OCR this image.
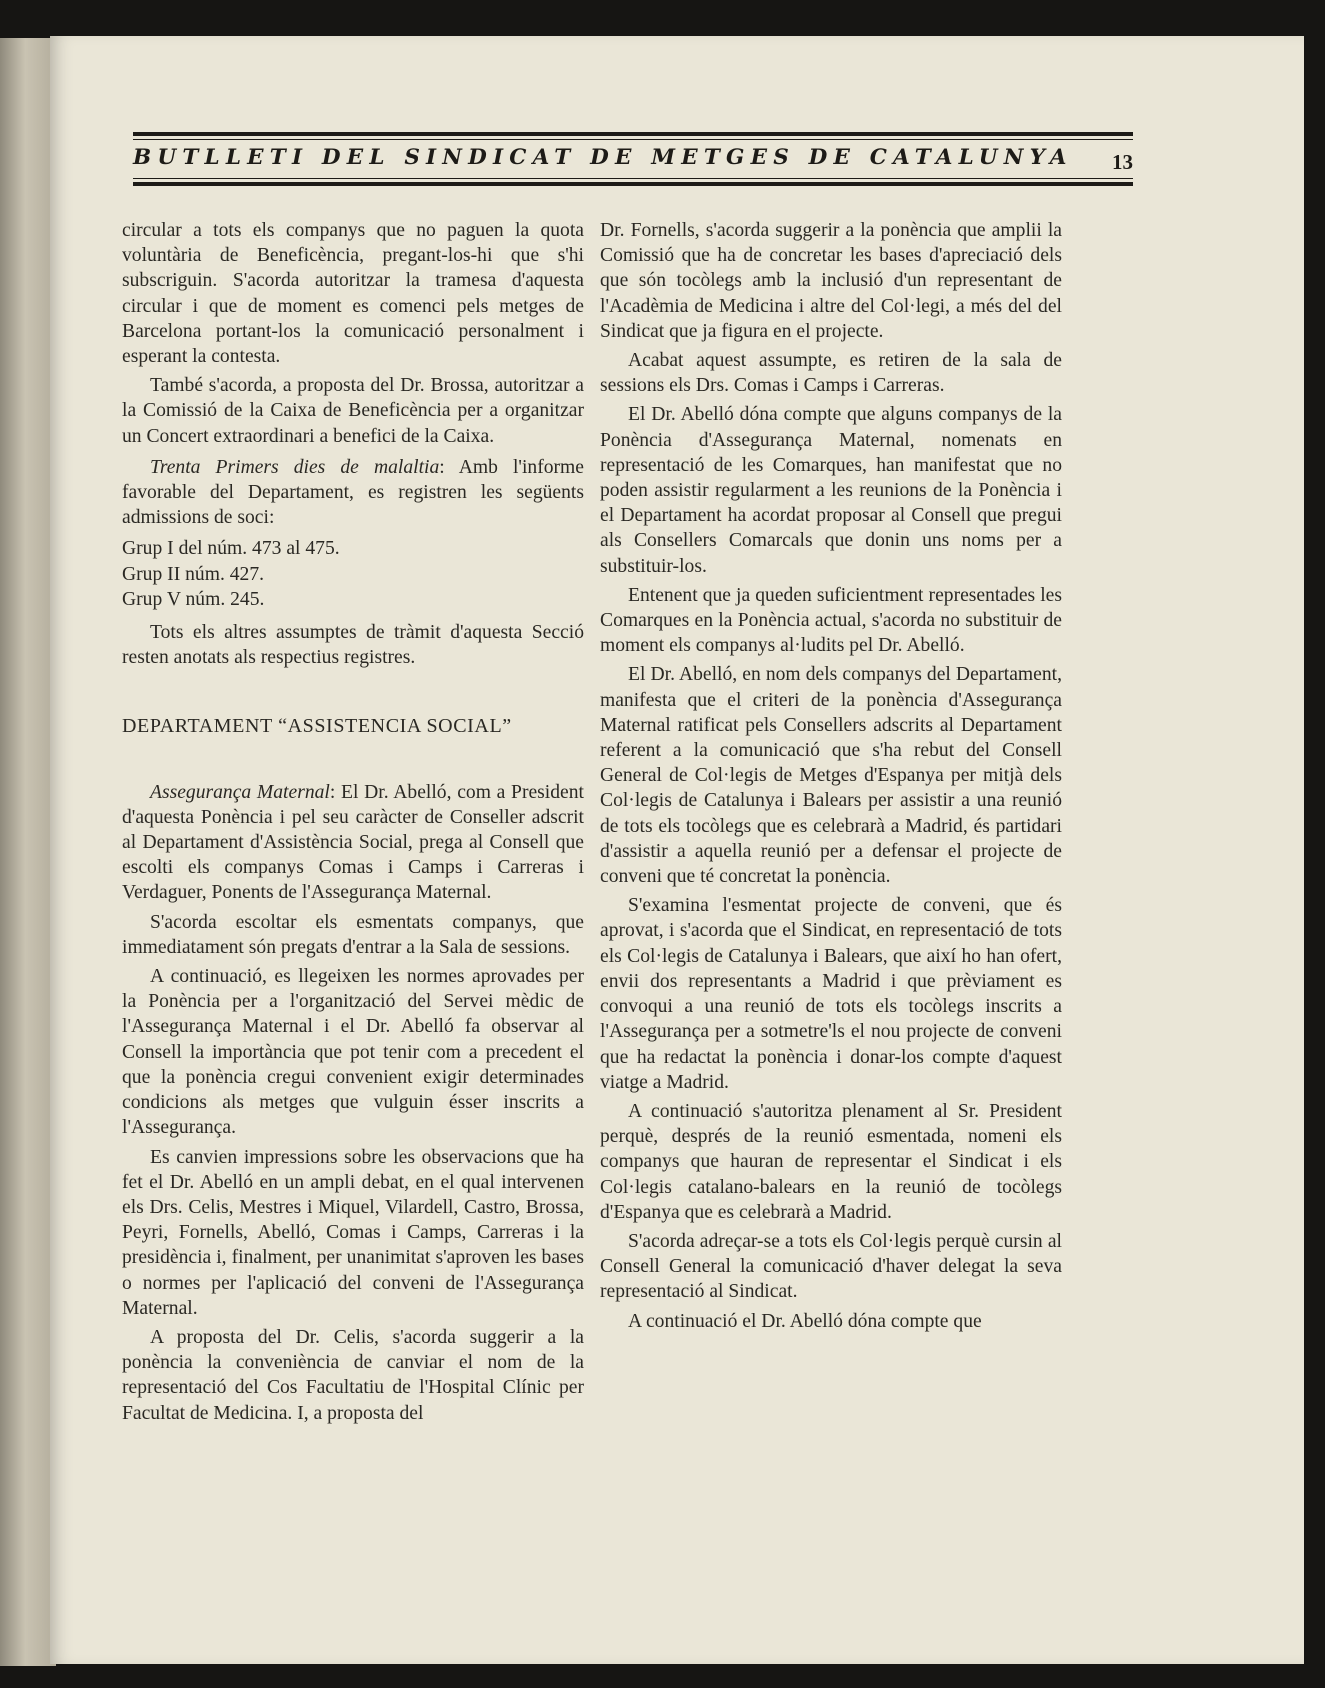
BUTLLETI DEL SINDICAT DE METGES DE CATALUNYA	13

circular a tots els companys que no paguen la quota voluntària de Beneficència, pregant-los-hi que s'hi subscriguin. S'acorda autoritzar la tramesa d'aquesta circular i que de moment es comenci pels metges de Barcelona portant-los la comunicació personalment i esperant la contesta.

També s'acorda, a proposta del Dr. Brossa, autoritzar a la Comissió de la Caixa de Beneficència per a organitzar un Concert extraordinari a benefici de la Caixa.

Trenta Primers dies de malaltia: Amb l'informe favorable del Departament, es registren les següents admissions de soci:

Grup I del núm. 473 al 475.

Grup II núm. 427.

Grup V núm. 245.

Tots els altres assumptes de tràmit d'aquesta Secció resten anotats als respectius registres.

DEPARTAMENT “ASSISTENCIA SOCIAL”

Assegurança Maternal: El Dr. Abelló, com a President d'aquesta Ponència i pel seu caràcter de Conseller adscrit al Departament d'Assistència Social, prega al Consell que escolti els companys Comas i Camps i Carreras i Verdaguer, Ponents de l'Assegurança Maternal.

S'acorda escoltar els esmentats companys, que immediatament són pregats d'entrar a la Sala de sessions.

A continuació, es llegeixen les normes aprovades per la Ponència per a l'organització del Servei mèdic de l'Assegurança Maternal i el Dr. Abelló fa observar al Consell la importància que pot tenir com a precedent el que la ponència cregui convenient exigir determinades condicions als metges que vulguin ésser inscrits a l'Assegurança.

Es canvien impressions sobre les observacions que ha fet el Dr. Abelló en un ampli debat, en el qual intervenen els Drs. Celis, Mestres i Miquel, Vilardell, Castro, Brossa, Peyri, Fornells, Abelló, Comas i Camps, Carreras i la presidència i, finalment, per unanimitat s'aproven les bases o normes per l'aplicació del conveni de l'Assegurança Maternal.

A proposta del Dr. Celis, s'acorda suggerir a la ponència la conveniència de canviar el nom de la representació del Cos Facultatiu de l'Hospital Clínic per Facultat de Medicina. I, a proposta del

Dr. Fornells, s'acorda suggerir a la ponència que amplii la Comissió que ha de concretar les bases d'apreciació dels que són tocòlegs amb la inclusió d'un representant de l'Acadèmia de Medicina i altre del Col·legi, a més del del Sindicat que ja figura en el projecte.

Acabat aquest assumpte, es retiren de la sala de sessions els Drs. Comas i Camps i Carreras.

El Dr. Abelló dóna compte que alguns companys de la Ponència d'Assegurança Maternal, nomenats en representació de les Comarques, han manifestat que no poden assistir regularment a les reunions de la Ponència i el Departament ha acordat proposar al Consell que pregui als Consellers Comarcals que donin uns noms per a substituir-los.

Entenent que ja queden suficientment representades les Comarques en la Ponència actual, s'acorda no substituir de moment els companys al·ludits pel Dr. Abelló.

El Dr. Abelló, en nom dels companys del Departament, manifesta que el criteri de la ponència d'Assegurança Maternal ratificat pels Consellers adscrits al Departament referent a la comunicació que s'ha rebut del Consell General de Col·legis de Metges d'Espanya per mitjà dels Col·legis de Catalunya i Balears per assistir a una reunió de tots els tocòlegs que es celebrarà a Madrid, és partidari d'assistir a aquella reunió per a defensar el projecte de conveni que té concretat la ponència.

S'examina l'esmentat projecte de conveni, que és aprovat, i s'acorda que el Sindicat, en representació de tots els Col·legis de Catalunya i Balears, que així ho han ofert, envii dos representants a Madrid i que prèviament es convoqui a una reunió de tots els tocòlegs inscrits a l'Assegurança per a sotmetre'ls el nou projecte de conveni que ha redactat la ponència i donar-los compte d'aquest viatge a Madrid.

A continuació s'autoritza plenament al Sr. President perquè, després de la reunió esmentada, nomeni els companys que hauran de representar el Sindicat i els Col·legis catalano-balears en la reunió de tocòlegs d'Espanya que es celebrarà a Madrid.

S'acorda adreçar-se a tots els Col·legis perquè cursin al Consell General la comunicació d'haver delegat la seva representació al Sindicat.

A continuació el Dr. Abelló dóna compte que
